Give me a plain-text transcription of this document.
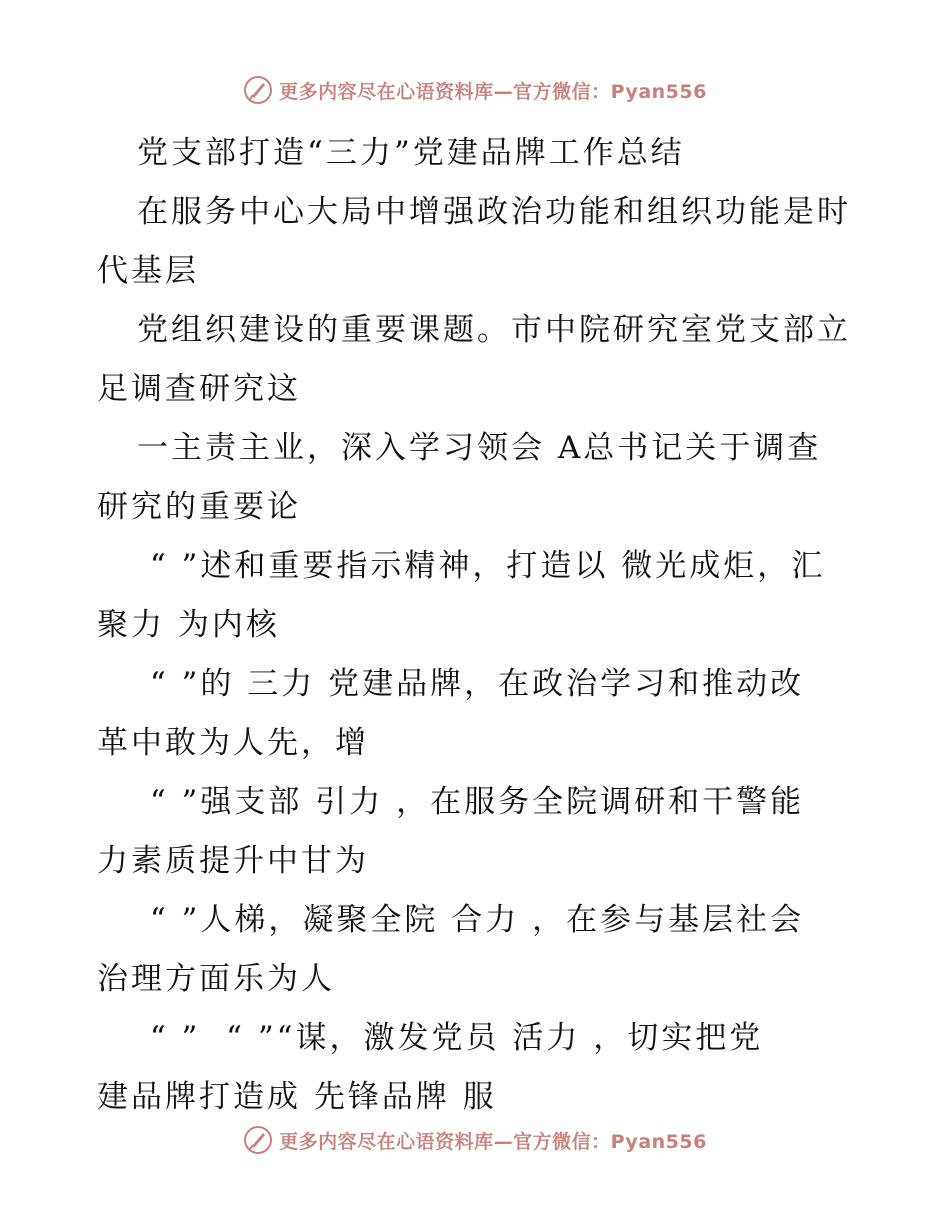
更多内容尽在心语资料库—官方微信：Pyan556
党支部打造“三力”党建品牌工作总结
在服务中心大局中增强政治功能和组织功能是时
代基层
党组织建设的重要课题。市中院研究室党支部立
足调查研究这
一主责主业，深入学习领会 A总书记关于调查
研究的重要论
“ ”述和重要指示精神，打造以 微光成炬，汇
聚力 为内核
“ ”的 三力 党建品牌，在政治学习和推动改
革中敢为人先，增
“ ”强支部 引力 ，在服务全院调研和干警能
力素质提升中甘为
“ ”人梯，凝聚全院 合力 ，在参与基层社会
治理方面乐为人
“ ”  “ ”“谋，激发党员 活力 ，切实把党
建品牌打造成 先锋品牌 服
更多内容尽在心语资料库—官方微信：Pyan556
